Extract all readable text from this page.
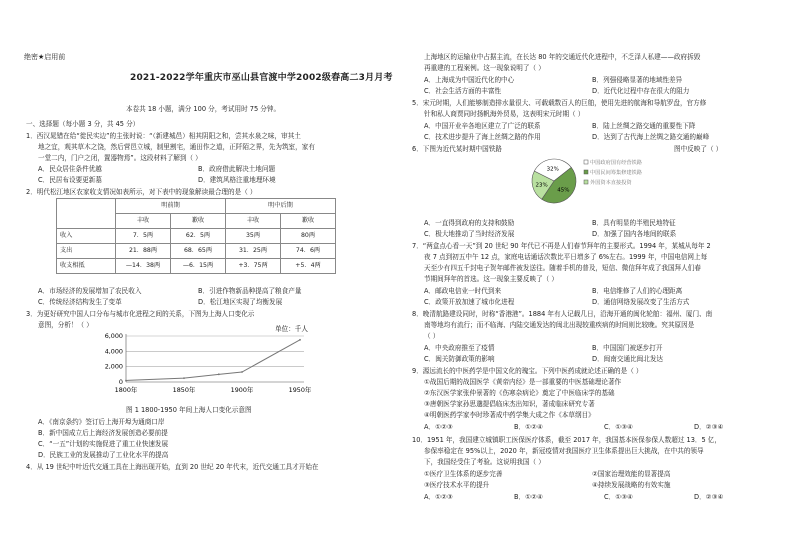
绝密★启用前
2021-2022学年重庆市巫山县官渡中学2002级春高二3月月考
本卷共 18 小题，满分 100 分，考试用时 75 分钟。
一、选择题（每小题 3 分，共 45 分）
1．西汉晁错在给“徙民实边”的主张时说：“（新建城邑）相其阴阳之和，尝其水泉之味，审其土
地之宜，观其草木之饶，然后营邑立城，制里割宅，通田作之道，正阡陌之界，先为筑室，家有
一堂二内，门户之闭，置器物焉”。这段材料了解到（ ）
A．民众居住条件优越	B．政府借此解决土地问题
C．民居布设要更新墓	D．建筑风格注重地理环境
2．明代松江地区农家收支情况如表所示，对下表中的现象解读最合理的是（ ）
	明前期		明中后期	
	丰收	歉收	丰收	歉收
收入	7．5两	62．5两	35两	80两
支出	21．88两	68．65两	31．25两	74．6两
收支相抵	—14．38两	—6．15两	+3．75两	+5．4两
A．市场经济的发展增加了农民收入	B．引进作物新品种提高了粮食产量
C．传统经济结构发生了变革	D．松江地区实现了均衡发展
3．为更好研究中国人口分布与城市化进程之间的关系，下图为上海人口变化示
意图，分析！（ ）	单位：千人
0
2,000
4,000
6,000
1800年	1850年	1900年	1950年
图 1 1800-1950 年间上海人口变化示意图
A．《南京条约》签订后上海开埠为通商口岸
B．新中国成立后上海经济发展创造必要前提
C．“一五”计划的实施促进了重工业快速发展
D．民族工业的发展推动了工业化水平的提高
4．从 19 世纪中叶近代交通工具在上海出现开始，直到 20 世纪 20 年代末，近代交通工具才开始在
上海地区的运输业中占据主流，在长达 80 年的交通近代化进程中，不乏泽人私建——政府拆毁
再重建的工程案例。这一现象说明了（ ）
A．上海成为中国近代化的中心	B．列强侵略显著的地域性差异
C．社会生活方面的丰富性	D．近代化过程中存在很大的阻力
5．宋元时期，人们能够制造排水量很大、可载载数百人的巨舶，使用先进的航海和导航罗盘，官方修
针和私人商贾同时扬帆海外贸易，这表明宋元时期（ ）
A．中国开业辛各地区建立了广泛的联系	B．陆上丝绸之路交通的重要性下降
C．技术进步提升了海上丝绸之路的作用	D．达到了古代海上丝绸之路交通的巅峰
6．下图为近代某时期中国铁路	图中反映了（ ）
32%
45%
23%
中国政府国有经营铁路
中国民间筹集修建铁路
外国资本直接投资
A．一直得到政府的支持和鼓励	B．具有明显的半殖民地特征
C．极大地推动了当时经济发展	D．加强了国内各地间的联系
7．“两盒点心看一天”到 20 世纪 90 年代已不再是人们春节拜年的主要形式。1994 年，某城从每年 2
夜 7 点到初五中午 12 点，家庭电话通话次数比平日增多了 6%左右。1999 年，中国电信网上每
天至少有四五千封电子贺年邮件被发送往。随着手机的普及，短信、微信拜年成了我国拜人们春
节期间拜年的首选。这一现象主要反映了（ ）
A．邮政电信业一时代到来	B．电信维修了人们的心理距离
C．政策开放加速了城市化进程	D．通信网络发展改变了生活方式
8．晚清航路建设同时，时称“香港港”。1884 年有人记载几日，沿海开通的闽化轮舶：福州、厦门、南
南等地均有流行；而不临海、内陆交通发达的闽北出现较重疾病的时间则比较晚。究其原因是
（ ）
A．中央政府推至了疫情	B．中国国门被逐步打开
C．闽关防御政策的影响	D．闽南交通比闽北发达
9．源远流长的中医药学是中国文化的瑰宝。下列中医药成就论述正确的是（ ）
①战国后期的战国医学《黄帝内经》是一部重要的中医基础理论著作
②东汉医学家张仲景著的《伤寒杂病论》奠定了中医临床学的基础
③唐朝医学家孙思邈提倡临床杰出知识，著成临床研究专著
④明朝医药学家李时珍著成中药学集大成之作《本草纲目》
A．①②③	B．①②④	C．①③④	D．②③④
10．1951 年，我国建立城镇职工医保医疗体系，截至 2017 年，我国基本医保参保人数超过 13．5 亿，
参保率稳定在 95%以上，2020 年，新冠疫情对我国医疗卫生体系提出巨大挑战，在中共的领导
下，我国经受住了考验。这说明我国（ ）
①医疗卫生体系的逐步完善	②国家治理效能的显著提高
③医疗技术水平的提升	④持续发展战略的有效实施
A．①②③	B．①②④	C．①③④	D．②③④
